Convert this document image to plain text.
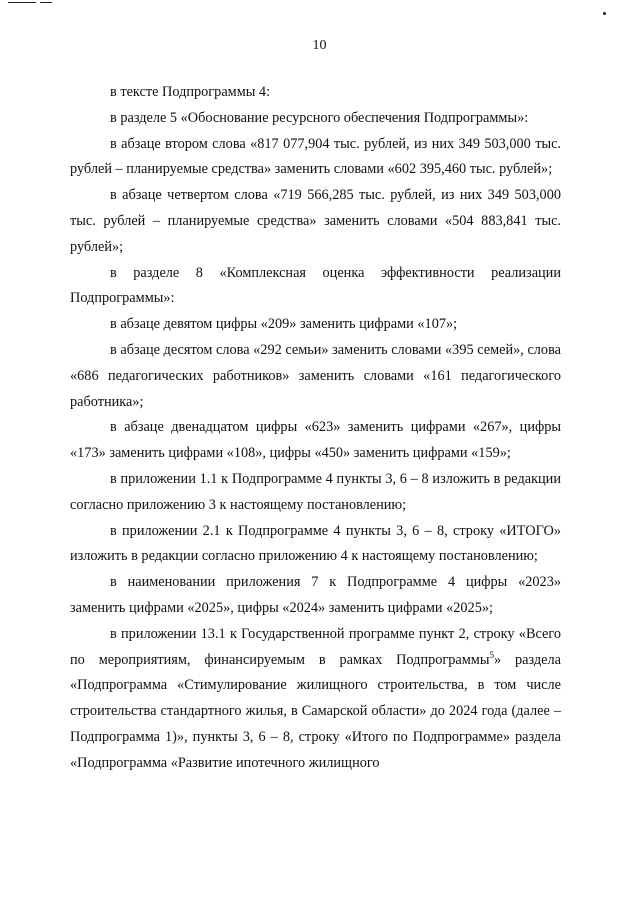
10

в тексте Подпрограммы 4:

в разделе 5 «Обоснование ресурсного обеспечения Подпрограммы»:

в абзаце втором слова «817 077,904 тыс. рублей, из них 349 503,000 тыс. рублей – планируемые средства» заменить словами «602 395,460 тыс. рублей»;

в абзаце четвертом слова «719 566,285 тыс. рублей, из них 349 503,000 тыс. рублей – планируемые средства» заменить словами «504 883,841 тыс. рублей»;

в разделе 8 «Комплексная оценка эффективности реализации Подпрограммы»:

в абзаце девятом цифры «209» заменить цифрами «107»;

в абзаце десятом слова «292 семьи» заменить словами «395 семей», слова «686 педагогических работников» заменить словами «161 педагогического работника»;

в абзаце двенадцатом цифры «623» заменить цифрами «267», цифры «173» заменить цифрами «108», цифры «450» заменить цифрами «159»;

в приложении 1.1 к Подпрограмме 4 пункты 3, 6 – 8 изложить в редакции согласно приложению 3 к настоящему постановлению;

в приложении 2.1 к Подпрограмме 4 пункты 3, 6 – 8, строку «ИТОГО» изложить в редакции согласно приложению 4 к настоящему постановлению;

в наименовании приложения 7 к Подпрограмме 4 цифры «2023» заменить цифрами «2025», цифры «2024» заменить цифрами «2025»;

в приложении 13.1 к Государственной программе пункт 2, строку «Всего по мероприятиям, финансируемым в рамках Подпрограммы$^5$» раздела «Подпрограмма «Стимулирование жилищного строительства, в том числе строительства стандартного жилья, в Самарской области» до 2024 года (далее – Подпрограмма 1)», пункты 3, 6 – 8, строку «Итого по Подпрограмме» раздела «Подпрограмма «Развитие ипотечного жилищного
